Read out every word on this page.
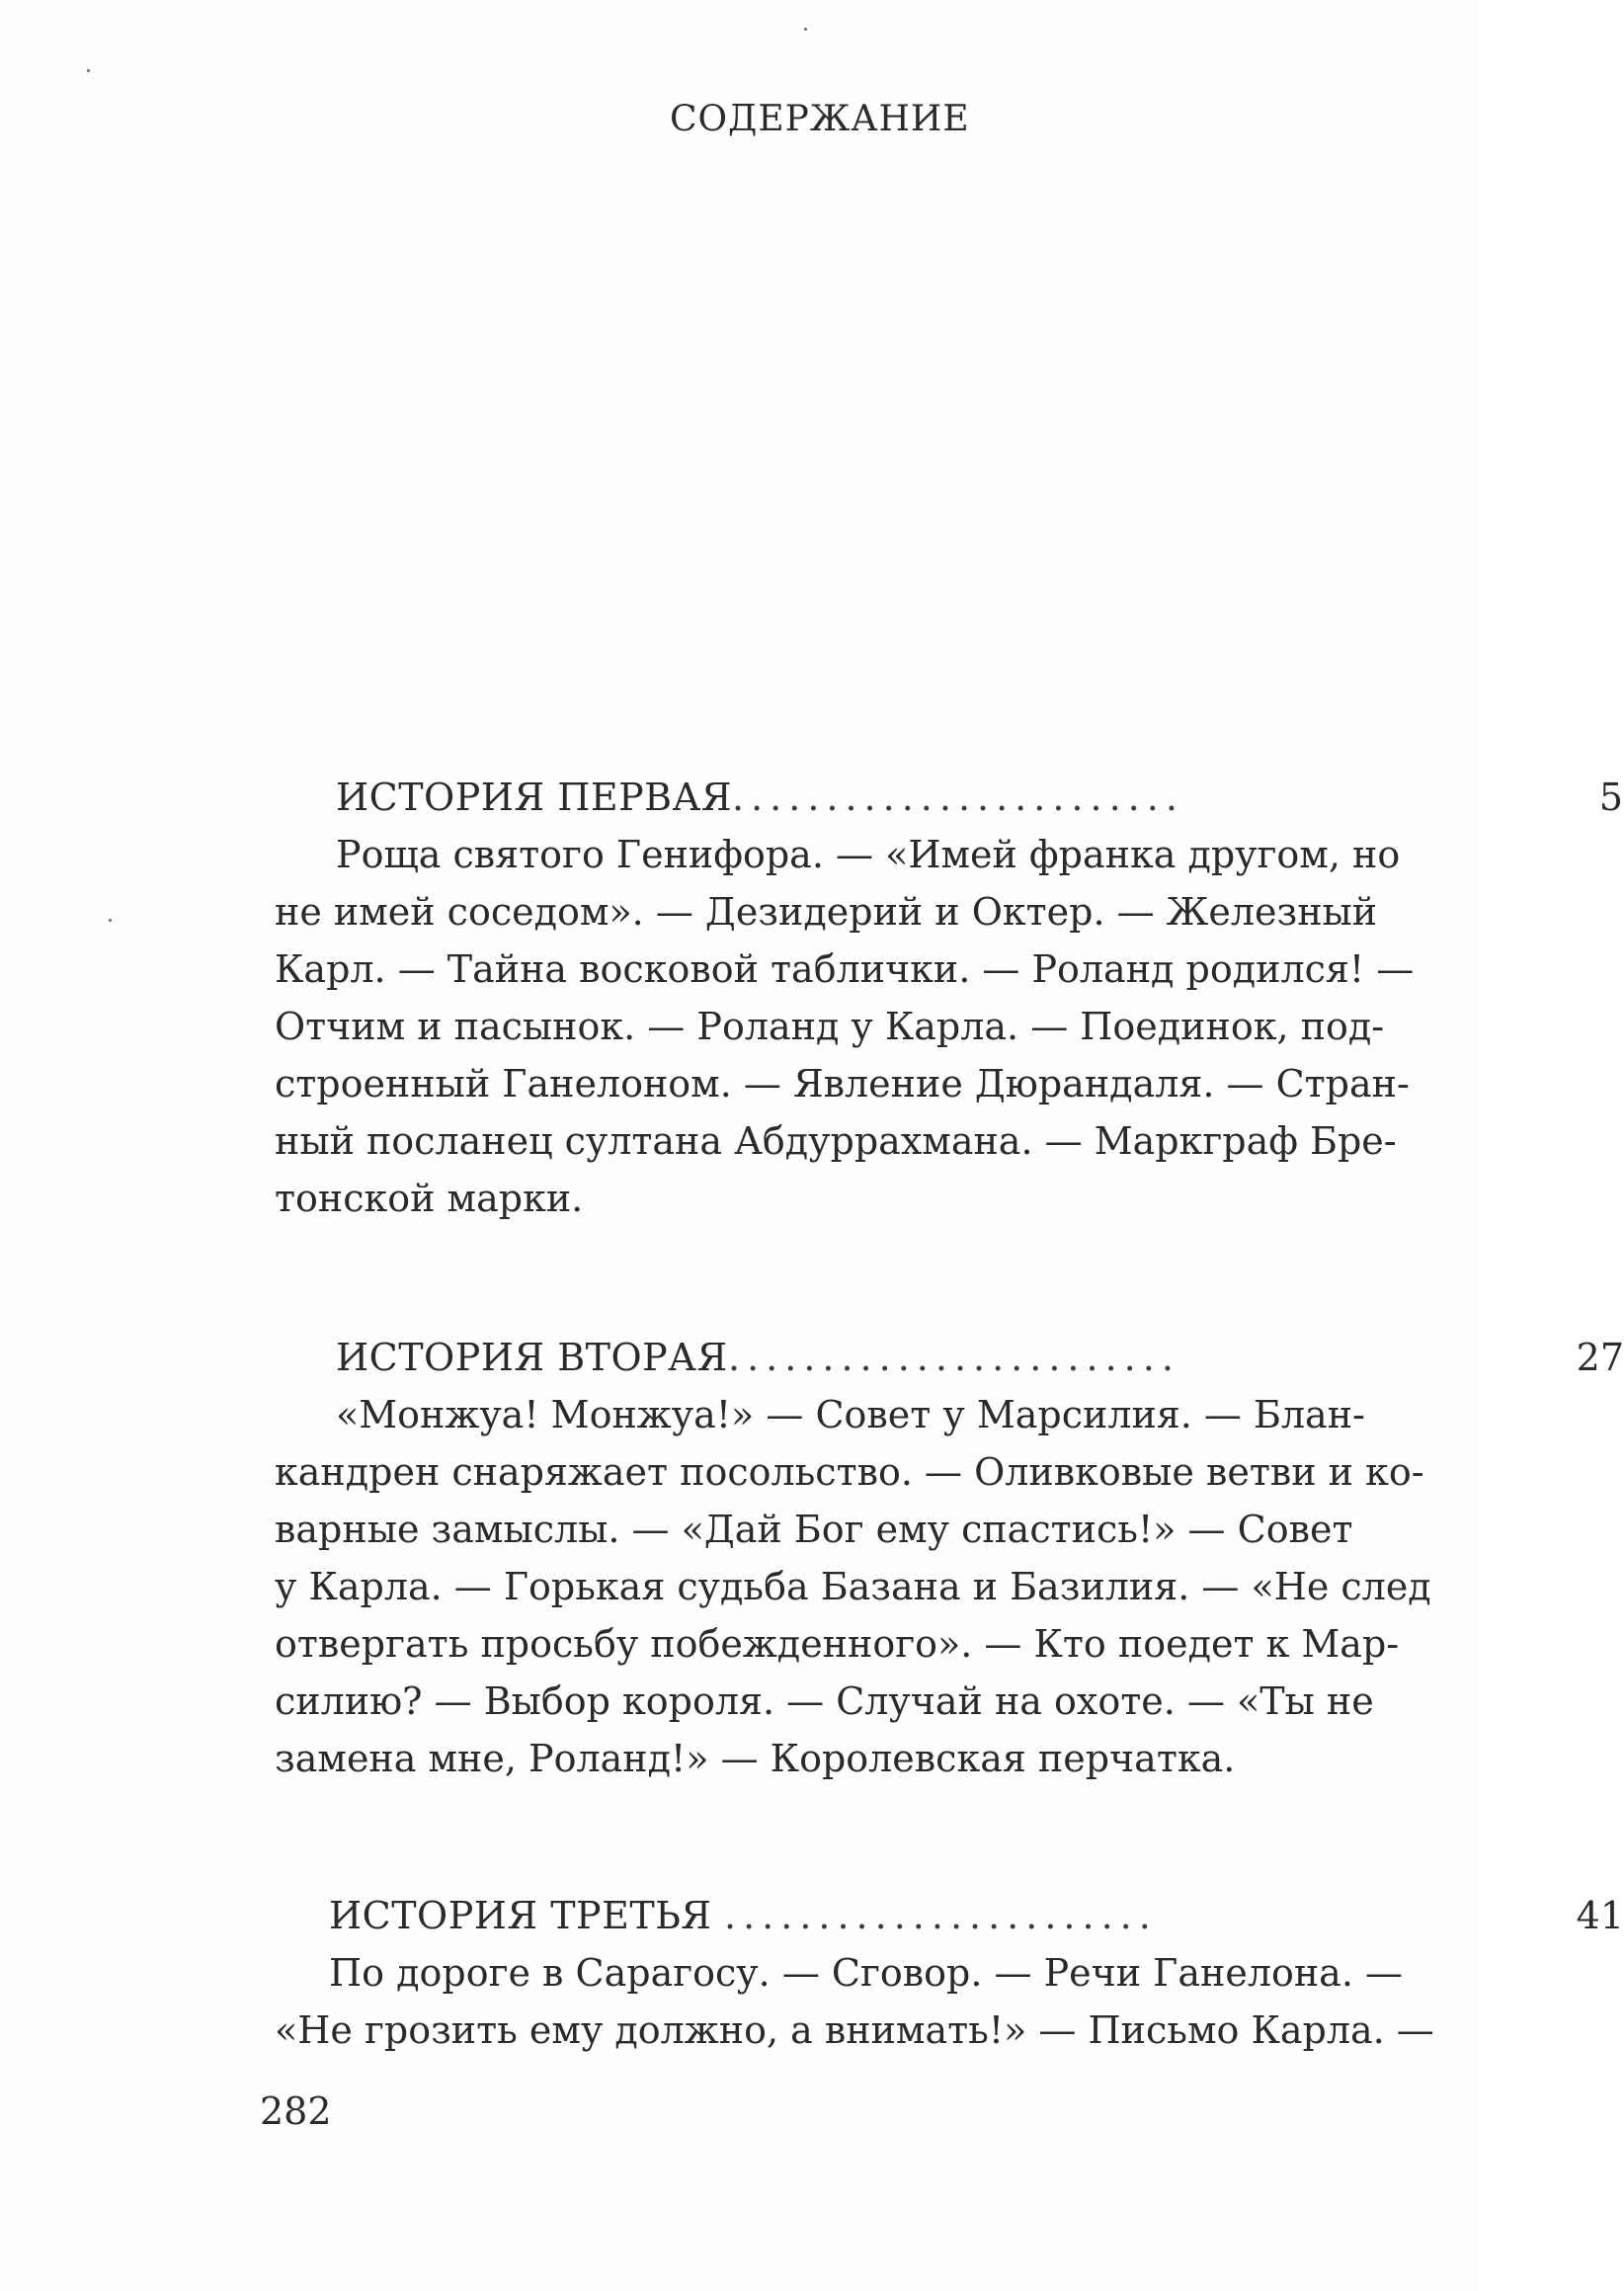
СОДЕРЖАНИЕ
ИСТОРИЯ ПЕРВАЯ ........................	5
Роща святого Генифора. — «Имей франка другом, но
не имей соседом». — Дезидерий и Октер. — Железный
Карл. — Тайна восковой таблички. — Роланд родился! —
Отчим и пасынок. — Роланд у Карла. — Поединок, под-
строенный Ганелоном. — Явление Дюрандаля. — Стран-
ный посланец султана Абдуррахмана. — Маркграф Бре-
тонской марки.
ИСТОРИЯ ВТОРАЯ ........................	27
«Монжуа! Монжуа!» — Совет у Марсилия. — Блан-
кандрен снаряжает посольство. — Оливковые ветви и ко-
варные замыслы. — «Дай Бог ему спастись!» — Совет
у Карла. — Горькая судьба Базана и Базилия. — «Не след
отвергать просьбу побежденного». — Кто поедет к Мар-
силию? — Выбор короля. — Случай на охоте. — «Ты не
замена мне, Роланд!» — Королевская перчатка.
ИСТОРИЯ ТРЕТЬЯ .......................	41
По дороге в Сарагосу. — Сговор. — Речи Ганелона. —
«Не грозить ему должно, а внимать!» — Письмо Карла. —
282
